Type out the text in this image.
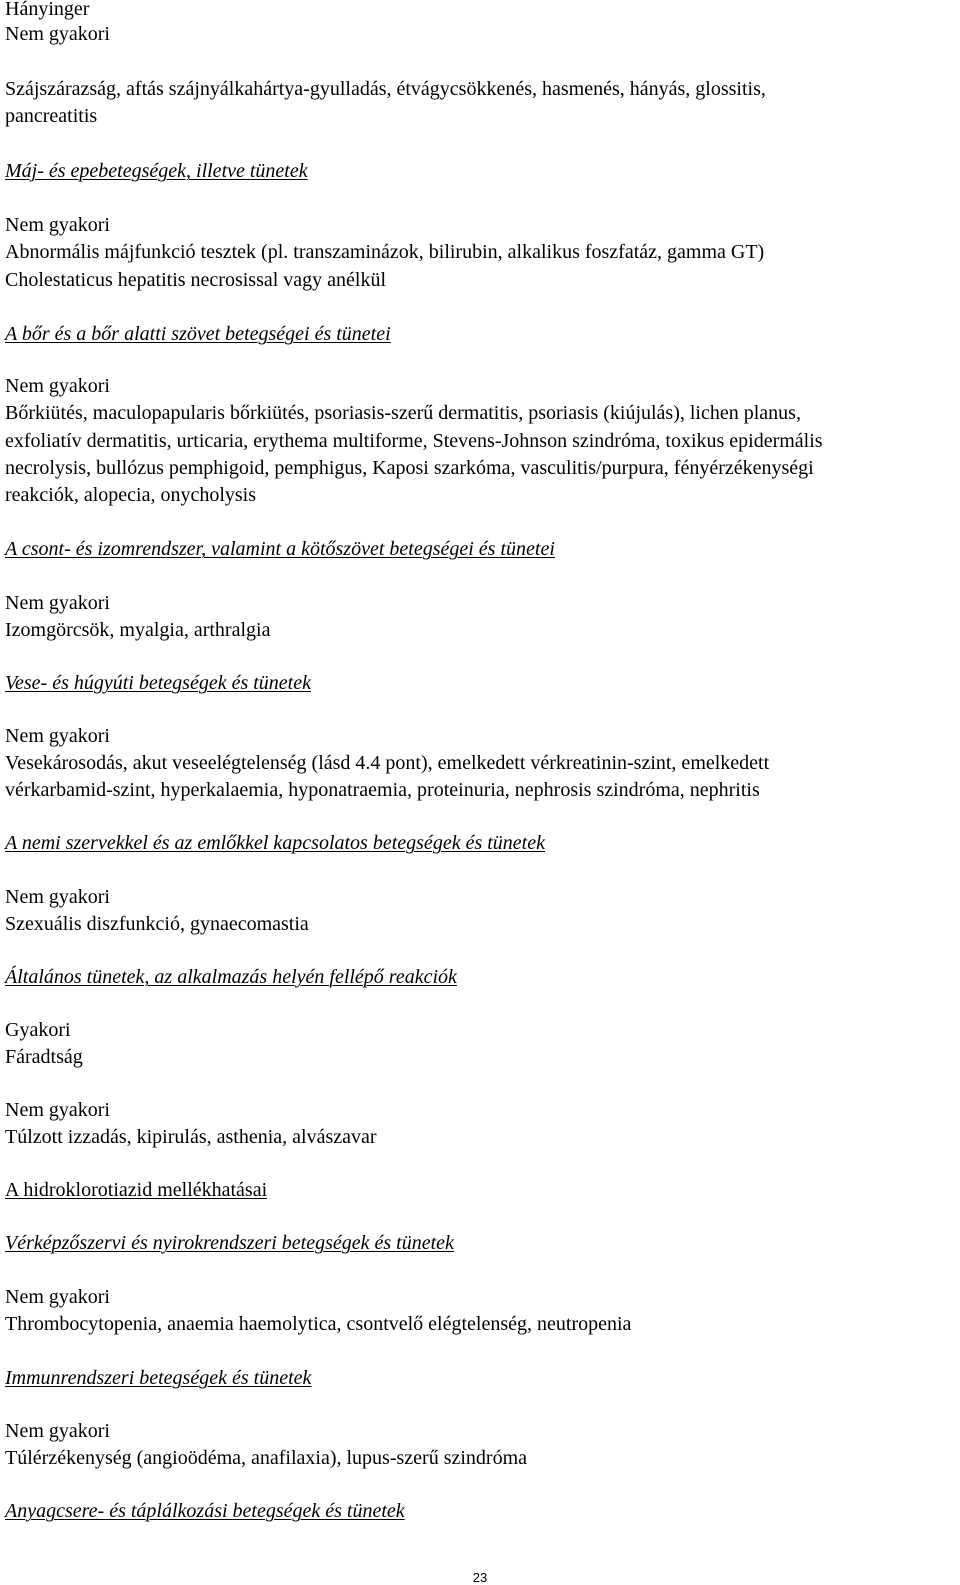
Hányinger
Nem gyakori
Szájszárazság, aftás szájnyálkahártya-gyulladás, étvágycsökkenés, hasmenés, hányás, glossitis,
pancreatitis
Máj- és epebetegségek, illetve tünetek
Nem gyakori
Abnormális májfunkció tesztek (pl. transzaminázok, bilirubin, alkalikus foszfatáz, gamma GT)
Cholestaticus hepatitis necrosissal vagy anélkül
A bőr és a bőr alatti szövet betegségei és tünetei
Nem gyakori
Bőrkiütés, maculopapularis bőrkiütés, psoriasis-szerű dermatitis, psoriasis (kiújulás), lichen planus,
exfoliatív dermatitis, urticaria, erythema multiforme, Stevens-Johnson szindróma, toxikus epidermális
necrolysis, bullózus pemphigoid, pemphigus, Kaposi szarkóma, vasculitis/purpura, fényérzékenységi
reakciók, alopecia, onycholysis
A csont- és izomrendszer, valamint a kötőszövet betegségei és tünetei
Nem gyakori
Izomgörcsök, myalgia, arthralgia
Vese- és húgyúti betegségek és tünetek
Nem gyakori
Vesekárosodás, akut veseelégtelenség (lásd 4.4 pont), emelkedett vérkreatinin-szint, emelkedett
vérkarbamid-szint, hyperkalaemia, hyponatraemia, proteinuria, nephrosis szindróma, nephritis
A nemi szervekkel és az emlőkkel kapcsolatos betegségek és tünetek
Nem gyakori
Szexuális diszfunkció, gynaecomastia
Általános tünetek, az alkalmazás helyén fellépő reakciók
Gyakori
Fáradtság
Nem gyakori
Túlzott izzadás, kipirulás, asthenia, alvászavar
A hidroklorotiazid mellékhatásai
Vérképzőszervi és nyirokrendszeri betegségek és tünetek
Nem gyakori
Thrombocytopenia, anaemia haemolytica, csontvelő elégtelenség, neutropenia
Immunrendszeri betegségek és tünetek
Nem gyakori
Túlérzékenység (angioödéma, anafilaxia), lupus-szerű szindróma
Anyagcsere- és táplálkozási betegségek és tünetek
23
